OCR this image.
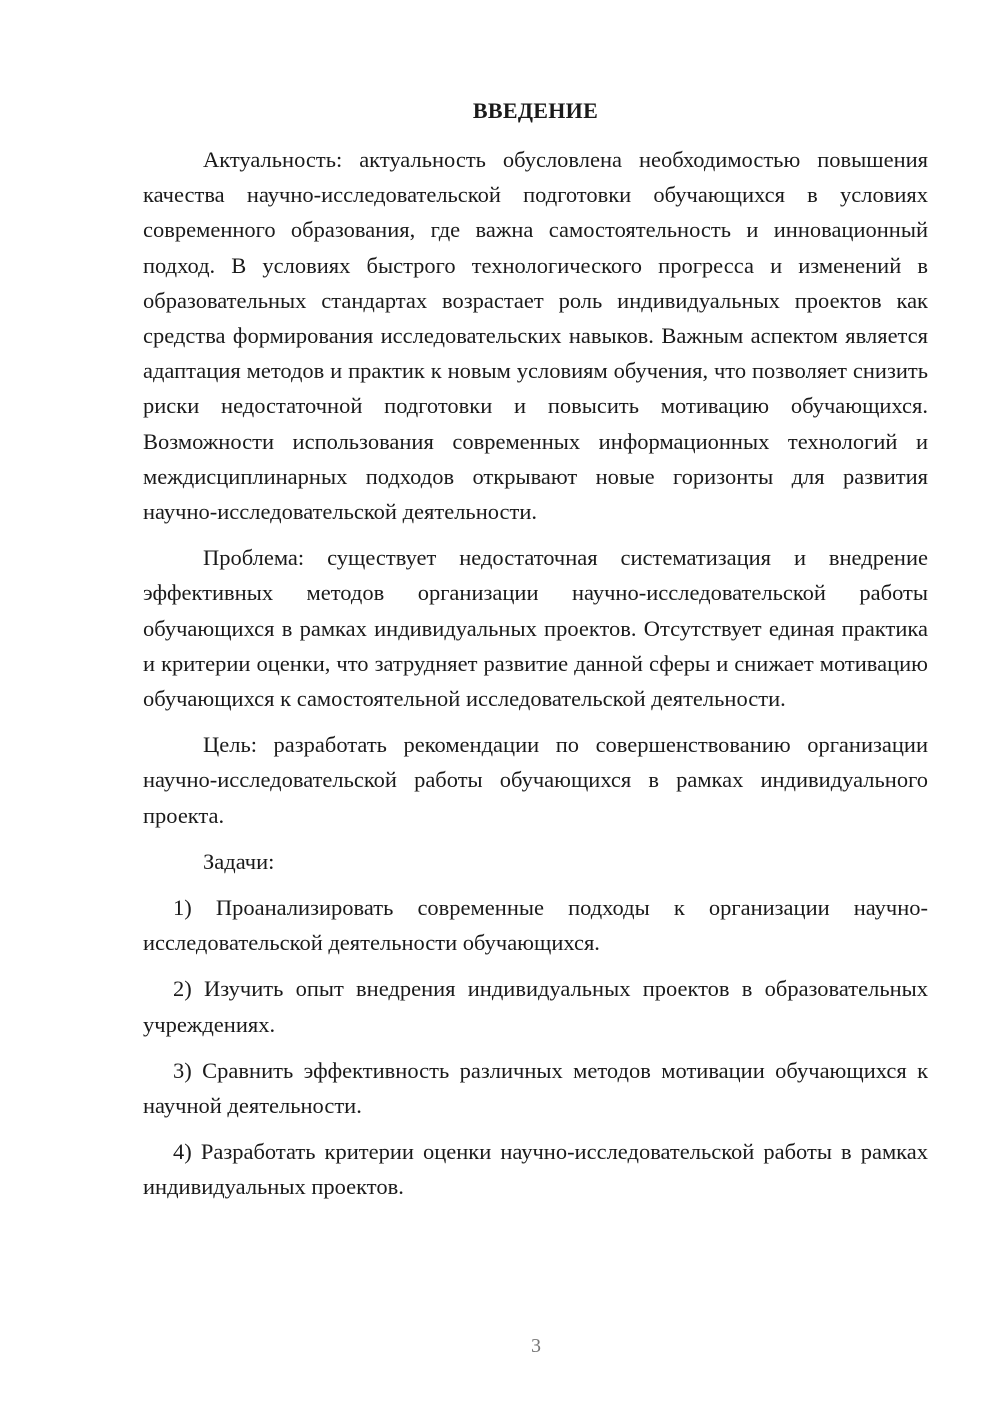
ВВЕДЕНИЕ

Актуальность: актуальность обусловлена необходимостью повышения качества научно-исследовательской подготовки обучающихся в условиях современного образования, где важна самостоятельность и инновационный подход. В условиях быстрого технологического прогресса и изменений в образовательных стандартах возрастает роль индивидуальных проектов как средства формирования исследовательских навыков. Важным аспектом является адаптация методов и практик к новым условиям обучения, что позволяет снизить риски недостаточной подготовки и повысить мотивацию обучающихся. Возможности использования современных информационных технологий и междисциплинарных подходов открывают новые горизонты для развития научно-исследовательской деятельности.

Проблема: существует недостаточная систематизация и внедрение эффективных методов организации научно-исследовательской работы обучающихся в рамках индивидуальных проектов. Отсутствует единая практика и критерии оценки, что затрудняет развитие данной сферы и снижает мотивацию обучающихся к самостоятельной исследовательской деятельности.

Цель: разработать рекомендации по совершенствованию организации научно-исследовательской работы обучающихся в рамках индивидуального проекта.

Задачи:

1) Проанализировать современные подходы к организации научно-исследовательской деятельности обучающихся.

2) Изучить опыт внедрения индивидуальных проектов в образовательных учреждениях.

3) Сравнить эффективность различных методов мотивации обучающихся к научной деятельности.

4) Разработать критерии оценки научно-исследовательской работы в рамках индивидуальных проектов.

3
